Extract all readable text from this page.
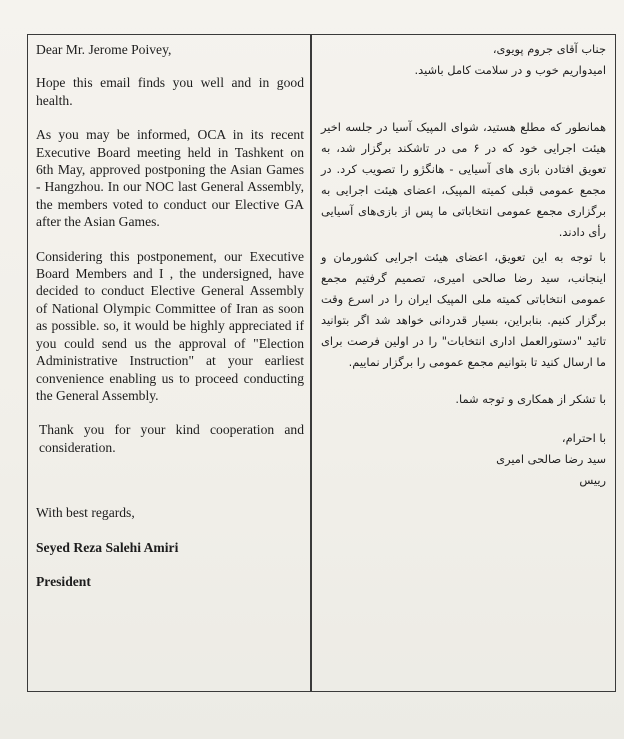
Dear Mr. Jerome Poivey,

Hope this email finds you well and in good health.

As you may be informed, OCA in its recent Executive Board meeting held in Tashkent on 6th May, approved postponing the Asian Games - Hangzhou. In our NOC last General Assembly, the members voted to conduct our Elective GA after the Asian Games.

Considering this postponement, our Executive Board Members and I , the undersigned, have decided to conduct Elective General Assembly of National Olympic Committee of Iran as soon as possible. so, it would be highly appreciated if you could send us the approval of "Election Administrative Instruction" at your earliest convenience enabling us to proceed conducting the General Assembly.

Thank you for your kind cooperation and consideration.

With best regards,

Seyed Reza Salehi Amiri

President

جناب آقای جروم پویوی،

امیدواریم خوب و در سلامت کامل باشید.

همانطور که مطلع هستید، شوای المپیک آسیا در جلسه اخیر هیئت اجرایی خود که در ۶ می در تاشکند برگزار شد، به تعویق افتادن بازی های آسیایی - هانگژو را تصویب کرد. در مجمع عمومی قبلی کمیته المپیک، اعضای هیئت اجرایی به برگزاری مجمع عمومی انتخاباتی ما پس از بازی‌های آسیایی رأی دادند.

با توجه به این تعویق، اعضای هیئت اجرایی کشورمان و اینجانب، سید رضا صالحی امیری، تصمیم گرفتیم مجمع عمومی انتخاباتی کمیته ملی المپیک ایران را در اسرع وقت برگزار کنیم. بنابراین، بسیار قدردانی خواهد شد اگر بتوانید تائید "دستورالعمل اداری انتخابات" را در اولین فرصت برای ما ارسال کنید تا بتوانیم مجمع عمومی را برگزار نماییم.

با تشکر از همکاری و توجه شما.

با احترام،

سید رضا صالحی امیری

رییس
